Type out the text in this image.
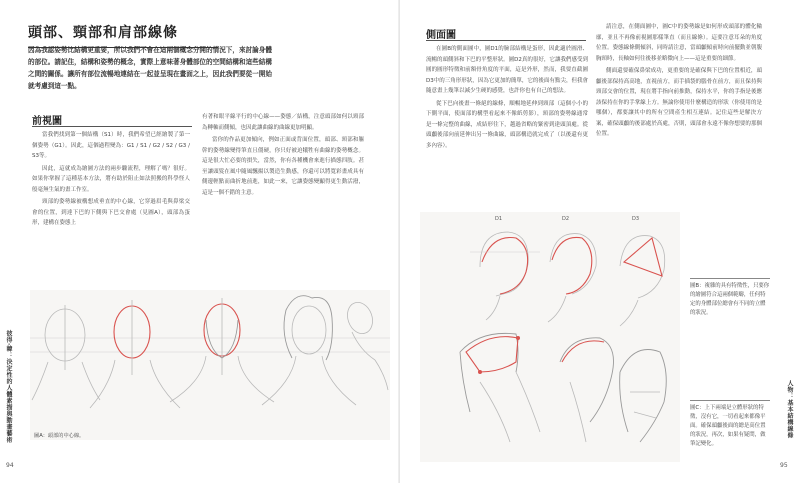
頭部、頸部和肩部線條
因為我認姿勢比結構更重要，所以我們不會在這兩個概念分開的情況下，來討論身體的部位。請記住，結構和姿勢的概念，實際上意味著身體部位的空間結構和這些結構之間的關係。讓所有部位流暢地連結在一起並呈現在畫面之上，因此我們要從一開始就考慮到這一點。
前視圖

當我們找到第一個結構（S1）時，我們希望已經繪製了第一個姿勢（G1）。因此，這個過程變為：G1 / S1 / G2 / S2 / G3 / S3等。

因此，這就成為繪圖方法的兩步驟流程，理解了嗎？很好。如果你掌握了這種基本方法，將有助於阻止如法照搬的科學怪人般毫無生氣的畫工作室。

頸部的姿勢線被構想成垂直的中心線，它穿過眉毛與鼻梁交會的位置，到達下巴的下側與下巴交會處（見圖A），頭部為蛋形，建構在姿態上

有著和眼平線平行的中心線——姿態／結構，注意頭部如何以頸部為轉軸而側傾，也因此讓曲線的曲線更加明顯。

當你的作品更加傾向，例如正面或背面位置，頭部、頸部和軀幹的姿勢線變得筆直且僵硬，你只好被迫犧牲有曲線的姿勢概念。這是很大忙必要的損失，當然，你有各種機會來進行描態四肢。甚至讓頭髮在風中隨風飄揚以製造生動感，你還可以將寬彩畫成具有側邊輕點而曲折地前進，如此一來，它讓姿態變顯得更生動活潑，這是一個不錯的主意。

圖A：頭部的中心線。
彼得·韓：決定性的人體素描與動畫藝術
94
側面圖

在圖B的側面圖中，圖D1的臉部結構是蛋形，因此適於圓滑、流暢的頭側斜和下巴的平整形狀。圖D2真的很好，它讓我們感受到圓的圓形特徵和前額骨角度的平面，這是外形，然而，我要直截圖D3中的三角形形狀，因為它更加的簡單，它的後面有點尖，但我會隨意畫上幾筆以減少生硬的感覺，也許你也有自己的想法。

從下巴向後畫一條絕的線條，順暢地延伸到頸部（這個小小的下側平面，使面部的構型看起來不像紙剪影），頸部的姿勢線通常是一條完整的曲線，成結形往下，越過省略的緊密到達頭頂處。從頭顱後部向前延伸出另一條曲線，頭部構造就完成了（以後還有更多內容）。

請注意，在側面圖中，圖C中的姿勢線是如何形成頭部的體化輪廓，並且不再像前視圖那樣筆直（而且線條）。這要注意耳朵的角度位置。姿態線條側傾斜，同時請注意，當頭顱傾前時向前擺動並朝腹胸頸時，長軸如何往後移並略微向上——這是重要的細節。

側面還要確保鼻梁成功，更重要的是確保與下巴的位置相近，頭顱後部保持高高地，直視前方，而手插袋的腦骨在前方，而且保持與頸部交會的位置，現在將手指向前推動，保持水平，你的手指是後應該保持在你的手掌線上方。無論你使用什麼構造的形狀（你使用的是哪個），都要讓其中的所有空間產生相互連結。記住這些是解決方案，確保頭顱的後部處於高處，否則，頭部會永遠不像你想要的那個位置。

D1	D2	D3
圖B：複雜的具有特徵性，只要你的繪圖符合這兩個範疇，任何特定的身體部位總會有不同的立體的狀況。
圖C：上下兩端是立體形狀的特徵，沒有它，一切看起來都像平面。確保頭顱後面的總是高位置的狀況，再次，如果有疑問，做筆記變化。
人物：基本結構線條
95
